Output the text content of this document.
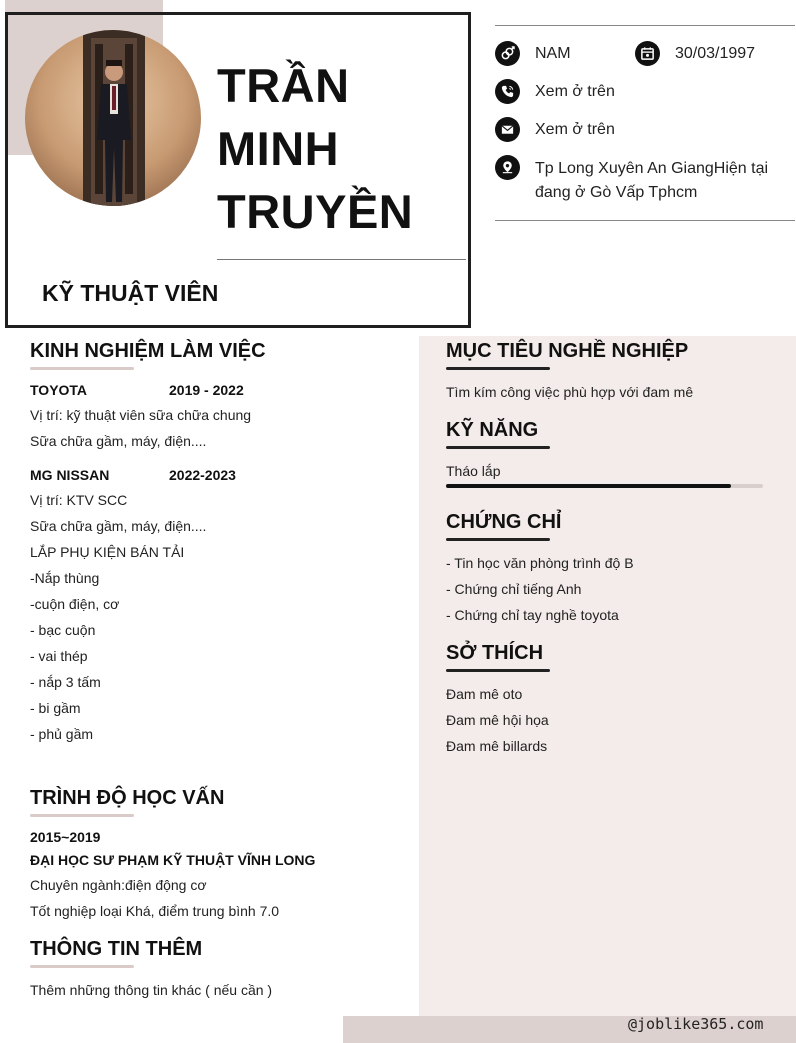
@joblike365.com
TRẦN
MINH
TRUYỀN
KỸ THUẬT VIÊN
NAM	30/03/1997
Xem ở trên
Xem ở trên
Tp Long Xuyên An GiangHiện tại đang ở Gò Vấp Tphcm
KINH NGHIỆM LÀM VIỆC
TOYOTA	2019 - 2022
Vị trí: kỹ thuật viên sữa chữa chung
Sữa chữa gầm, máy, điện....
MG NISSAN	2022-2023
Vị trí: KTV SCC
Sữa chữa gầm, máy, điện....
LẮP PHỤ KIỆN BÁN TẢI
-Nắp thùng
-cuộn điện, cơ
- bạc cuộn
- vai thép
- nắp 3 tấm
- bi gầm
- phủ gầm
TRÌNH ĐỘ HỌC VẤN
2015~2019
ĐẠI HỌC SƯ PHẠM KỸ THUẬT VĨNH LONG
Chuyên ngành:điện động cơ
Tốt nghiệp loại Khá, điểm trung bình 7.0
THÔNG TIN THÊM
Thêm những thông tin khác ( nếu cần )
MỤC TIÊU NGHỀ NGHIỆP
Tìm kím công việc phù hợp với đam mê
KỸ NĂNG
Tháo lắp
CHỨNG CHỈ
- Tin học văn phòng trình độ B
- Chứng chỉ tiếng Anh
- Chứng chỉ tay nghề toyota
SỞ THÍCH
Đam mê oto
Đam mê hội họa
Đam mê billards
